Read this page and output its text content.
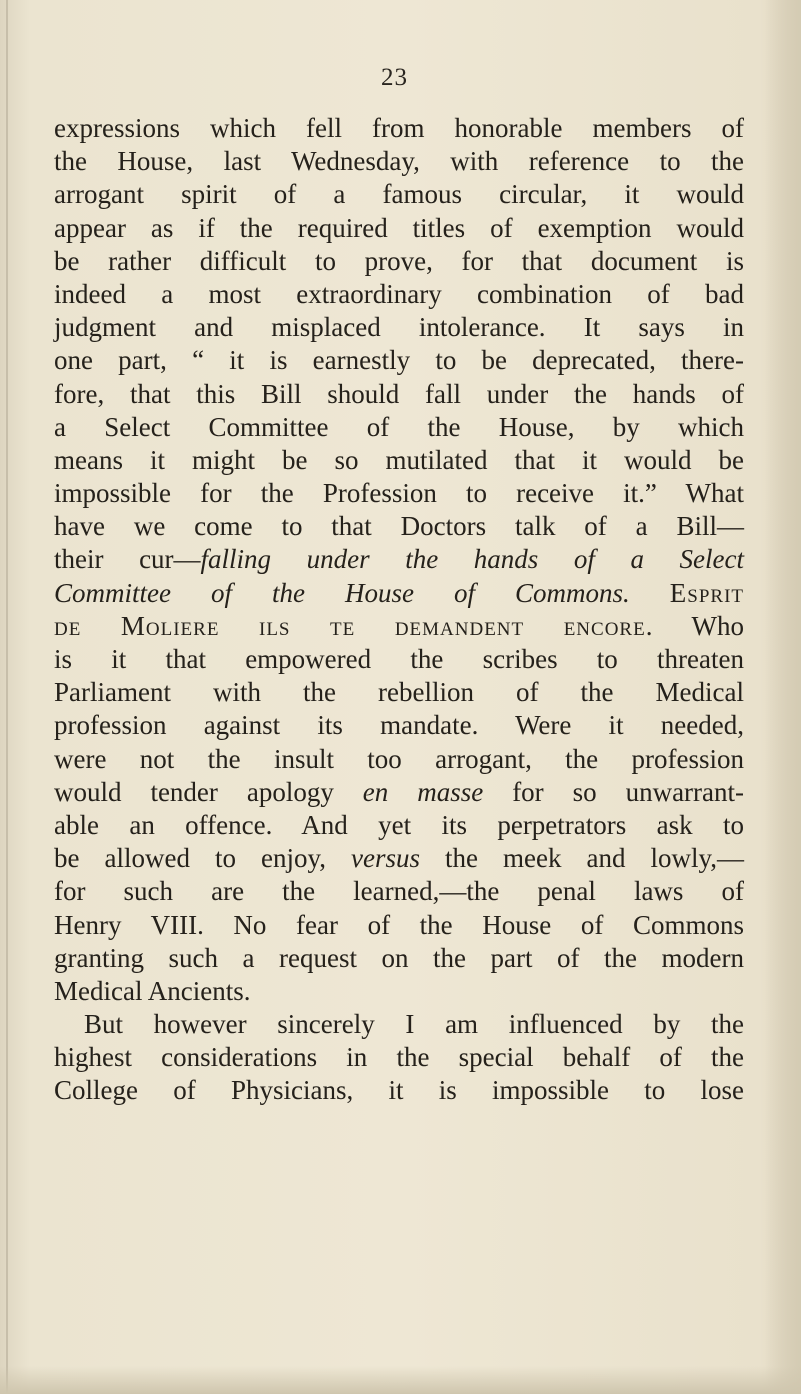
23
expressions which fell from honorable members of
the House, last Wednesday, with reference to the
arrogant spirit of a famous circular, it would
appear as if the required titles of exemption would
be rather difficult to prove, for that document is
indeed a most extraordinary combination of bad
judgment and misplaced intolerance. It says in
one part, “ it is earnestly to be deprecated, there-
fore, that this Bill should fall under the hands of
a Select Committee of the House, by which
means it might be so mutilated that it would be
impossible for the Profession to receive it.” What
have we come to that Doctors talk of a Bill—
their cur—falling under the hands of a Select
Committee of the House of Commons. Esprit
de Moliere ils te demandent encore. Who
is it that empowered the scribes to threaten
Parliament with the rebellion of the Medical
profession against its mandate. Were it needed,
were not the insult too arrogant, the profession
would tender apology en masse for so unwarrant-
able an offence. And yet its perpetrators ask to
be allowed to enjoy, versus the meek and lowly,—
for such are the learned,—the penal laws of
Henry VIII. No fear of the House of Commons
granting such a request on the part of the modern
Medical Ancients.
But however sincerely I am influenced by the
highest considerations in the special behalf of the
College of Physicians, it is impossible to lose
